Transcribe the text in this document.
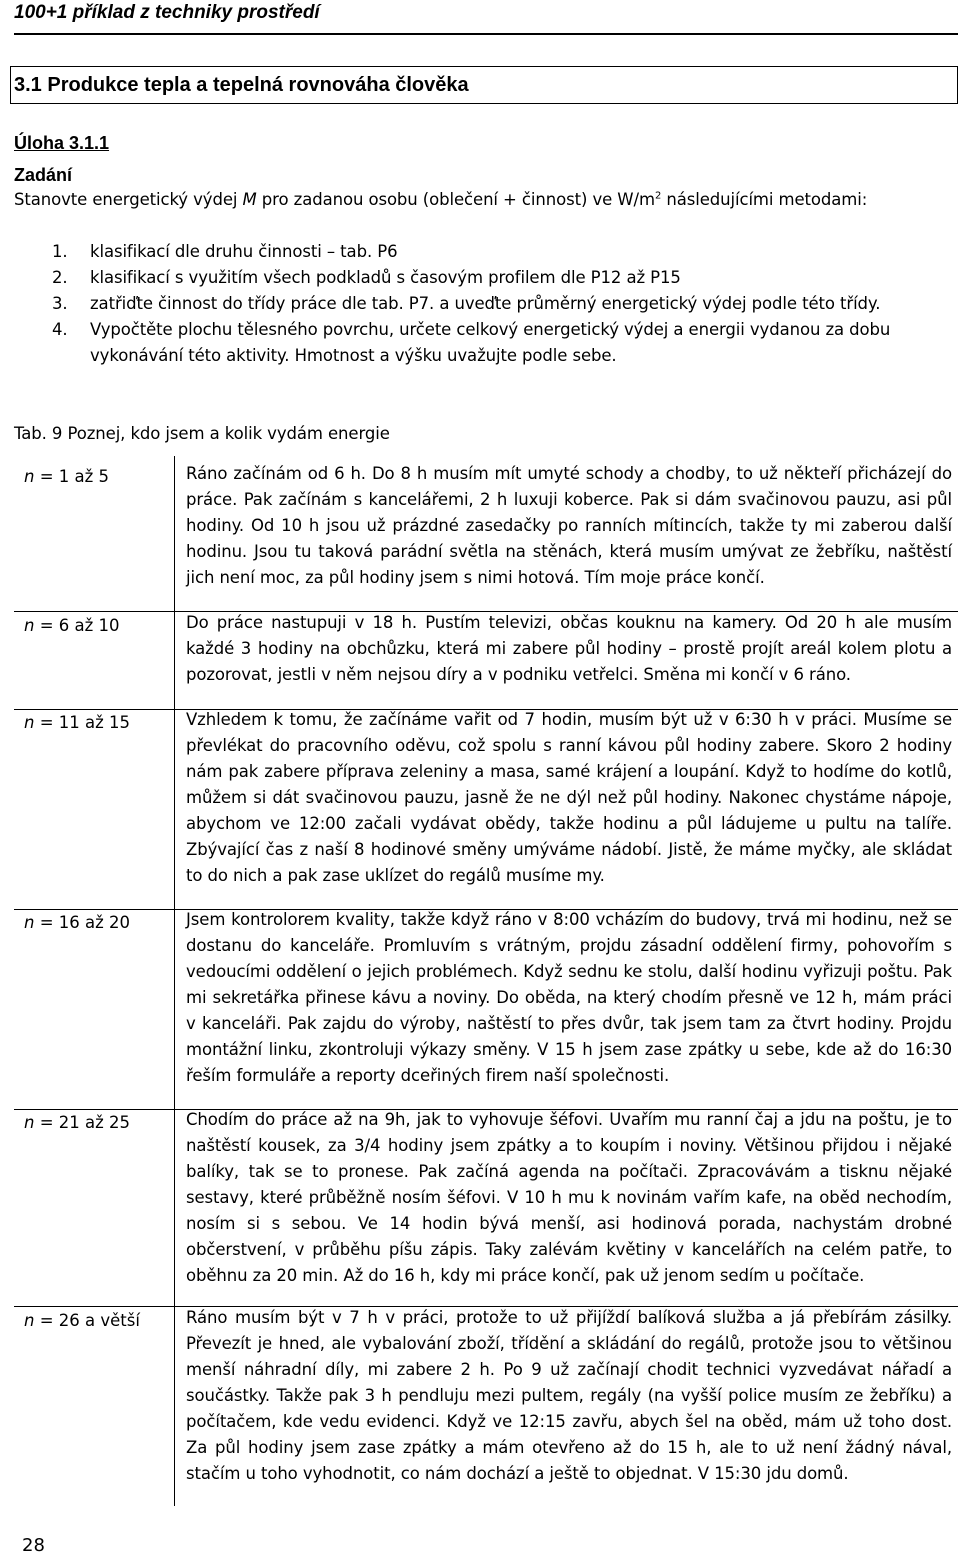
100+1 příklad z techniky prostředí
3.1 Produkce tepla a tepelná rovnováha člověka
Úloha 3.1.1
Zadání
Stanovte energetický výdej M pro zadanou osobu (oblečení + činnost) ve $W/m^2$ následujícími metodami:
1. klasifikací dle druhu činnosti – tab. P6
2. klasifikací s využitím všech podkladů s časovým profilem dle P12 až P15
3. zatřiďte činnost do třídy práce dle tab. P7. a uveďte průměrný energetický výdej podle této třídy.
4. Vypočtěte plochu tělesného povrchu, určete celkový energetický výdej a energii vydanou za dobu vykonávání této aktivity. Hmotnost a výšku uvažujte podle sebe.
Tab. 9 Poznej, kdo jsem a kolik vydám energie
n = 1 až 5	Ráno začínám od 6 h. Do 8 h musím mít umyté schody a chodby, to už někteří přicházejí do práce. Pak začínám s kancelářemi, 2 h luxuji koberce. Pak si dám svačinovou pauzu, asi půl hodiny. Od 10 h jsou už prázdné zasedačky po ranních mítincích, takže ty mi zaberou další hodinu. Jsou tu taková parádní světla na stěnách, která musím umývat ze žebříku, naštěstí jich není moc, za půl hodiny jsem s nimi hotová. Tím moje práce končí.
n = 6 až 10	Do práce nastupuji v 18 h. Pustím televizi, občas kouknu na kamery. Od 20 h ale musím každé 3 hodiny na obchůzku, která mi zabere půl hodiny – prostě projít areál kolem plotu a pozorovat, jestli v něm nejsou díry a v podniku vetřelci. Směna mi končí v 6 ráno.
n = 11 až 15	Vzhledem k tomu, že začínáme vařit od 7 hodin, musím být už v 6:30 h v práci. Musíme se převlékat do pracovního oděvu, což spolu s ranní kávou půl hodiny zabere. Skoro 2 hodiny nám pak zabere příprava zeleniny a masa, samé krájení a loupání. Když to hodíme do kotlů, můžem si dát svačinovou pauzu, jasně že ne dýl než půl hodiny. Nakonec chystáme nápoje, abychom ve 12:00 začali vydávat obědy, takže hodinu a půl ládujeme u pultu na talíře. Zbývající čas z naší 8 hodinové směny umýváme nádobí. Jistě, že máme myčky, ale skládat to do nich a pak zase uklízet do regálů musíme my.
n = 16 až 20	Jsem kontrolorem kvality, takže když ráno v 8:00 vcházím do budovy, trvá mi hodinu, než se dostanu do kanceláře. Promluvím s vrátným, projdu zásadní oddělení firmy, pohovořím s vedoucími oddělení o jejich problémech. Když sednu ke stolu, další hodinu vyřizuji poštu. Pak mi sekretářka přinese kávu a noviny. Do oběda, na který chodím přesně ve 12 h, mám práci v kanceláři. Pak zajdu do výroby, naštěstí to přes dvůr, tak jsem tam za čtvrt hodiny. Projdu montážní linku, zkontroluji výkazy směny. V 15 h jsem zase zpátky u sebe, kde až do 16:30 řeším formuláře a reporty dceřiných firem naší společnosti.
n = 21 až 25	Chodím do práce až na 9h, jak to vyhovuje šéfovi. Uvařím mu ranní čaj a jdu na poštu, je to naštěstí kousek, za 3/4 hodiny jsem zpátky a to koupím i noviny. Většinou přijdou i nějaké balíky, tak se to pronese. Pak začíná agenda na počítači. Zpracovávám a tisknu nějaké sestavy, které průběžně nosím šéfovi. V 10 h mu k novinám vařím kafe, na oběd nechodím, nosím si s sebou. Ve 14 hodin bývá menší, asi hodinová porada, nachystám drobné občerstvení, v průběhu píšu zápis. Taky zalévám květiny v kancelářích na celém patře, to oběhnu za 20 min. Až do 16 h, kdy mi práce končí, pak už jenom sedím u počítače.
n = 26 a větší	Ráno musím být v 7 h v práci, protože to už přijíždí balíková služba a já přebírám zásilky. Převezít je hned, ale vybalování zboží, třídění a skládání do regálů, protože jsou to většinou menší náhradní díly, mi zabere 2 h. Po 9 už začínají chodit technici vyzvedávat nářadí a součástky. Takže pak 3 h pendluju mezi pultem, regály (na vyšší police musím ze žebříku) a počítačem, kde vedu evidenci. Když ve 12:15 zavřu, abych šel na oběd, mám už toho dost. Za půl hodiny jsem zase zpátky a mám otevřeno až do 15 h, ale to už není žádný nával, stačím u toho vyhodnotit, co nám dochází a ještě to objednat. V 15:30 jdu domů.
28
